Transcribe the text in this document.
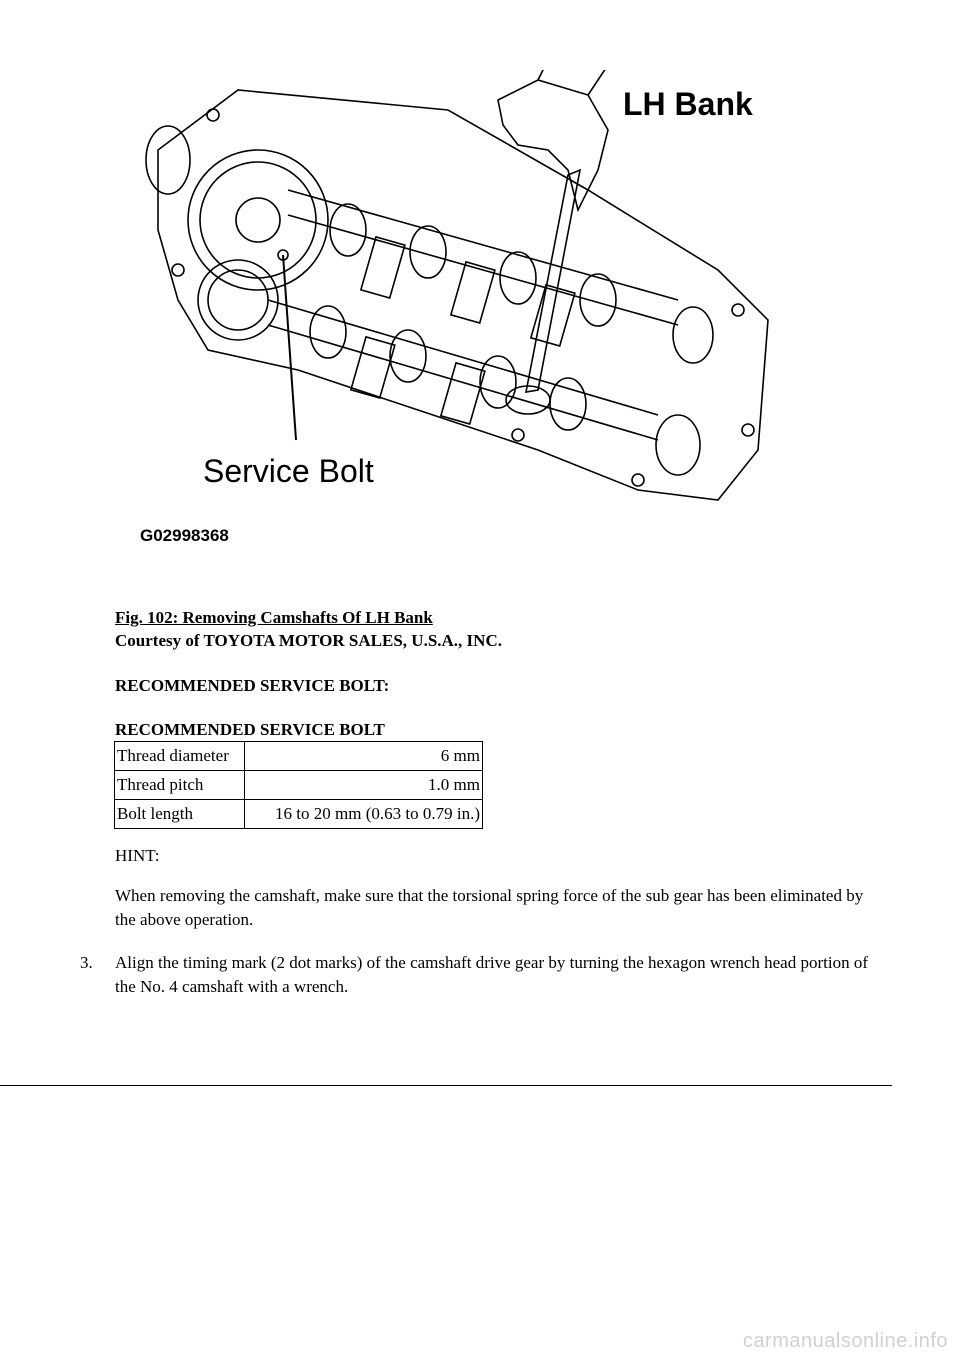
LH Bank
Service Bolt
G02998368
Fig. 102: Removing Camshafts Of LH Bank
Courtesy of TOYOTA MOTOR SALES, U.S.A., INC.
RECOMMENDED SERVICE BOLT:
RECOMMENDED SERVICE BOLT
Thread diameter	6 mm
Thread pitch	1.0 mm
Bolt length	16 to 20 mm (0.63 to 0.79 in.)
HINT:
When removing the camshaft, make sure that the torsional spring force of the sub gear has been eliminated by the above operation.
3. Align the timing mark (2 dot marks) of the camshaft drive gear by turning the hexagon wrench head portion of the No. 4 camshaft with a wrench.
carmanualsonline.info
